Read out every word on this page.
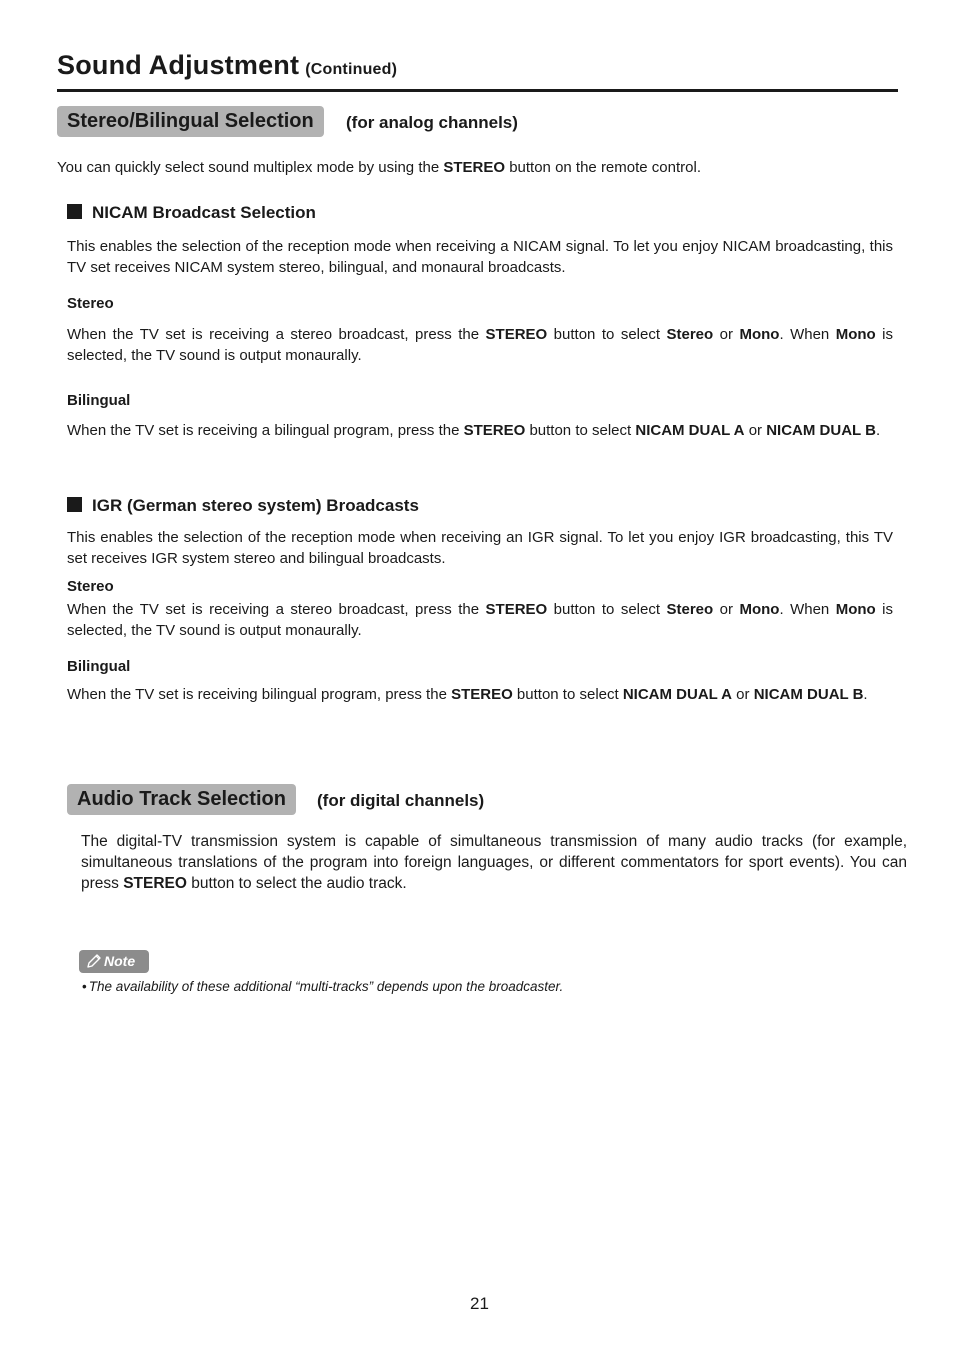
Sound Adjustment (Continued)
Stereo/Bilingual Selection	(for analog channels)
You can quickly select sound multiplex mode by using the STEREO button on the remote control.
NICAM Broadcast Selection
This enables the selection of the reception mode when receiving a NICAM signal. To let you enjoy NICAM broadcasting, this TV set receives NICAM system stereo, bilingual, and monaural broadcasts.
Stereo
When the TV set is receiving a stereo broadcast, press the STEREO button to select Stereo or Mono. When Mono is selected, the TV sound is output monaurally.
Bilingual
When the TV set is receiving a bilingual program, press the STEREO button to select NICAM DUAL A or NICAM DUAL B.
IGR (German stereo system) Broadcasts
This enables the selection of the reception mode when receiving an IGR signal. To let you enjoy IGR broadcasting, this TV set receives IGR system stereo and bilingual broadcasts.
Stereo
When the TV set is receiving a stereo broadcast, press the STEREO button to select Stereo or Mono. When Mono is selected, the TV sound is output monaurally.
Bilingual
When the TV set is receiving bilingual program, press the STEREO button to select NICAM DUAL A or NICAM DUAL B.
Audio Track Selection	(for digital channels)
The digital-TV transmission system is capable of simultaneous transmission of many audio tracks (for example, simultaneous translations of the program into foreign languages, or different commentators for sport events). You can press STEREO button to select the audio track.
Note
• The availability of these additional “multi-tracks” depends upon the broadcaster.
21
